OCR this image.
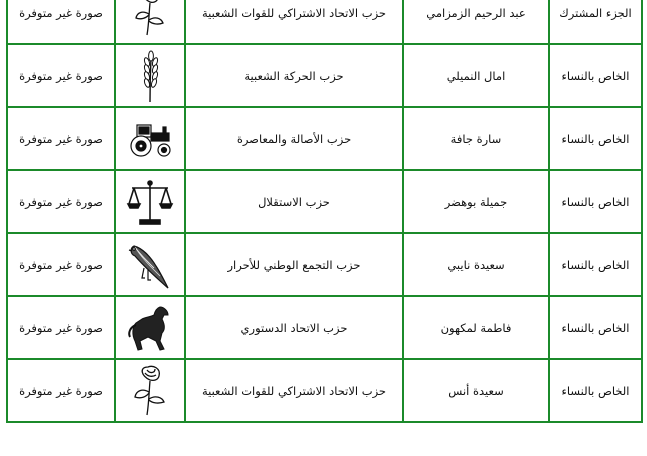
الجزء المشترك	عبد الرحيم الزمزامي	حزب الاتحاد الاشتراكي للقوات الشعبية		صورة غير متوفرة
الخاص بالنساء	امال النميلي	حزب الحركة الشعبية		صورة غير متوفرة
الخاص بالنساء	سارة جافة	حزب الأصالة والمعاصرة		صورة غير متوفرة
الخاص بالنساء	جميلة بوهضر	حزب الاستقلال		صورة غير متوفرة
الخاص بالنساء	سعيدة نايبي	حزب التجمع الوطني للأحرار		صورة غير متوفرة
الخاص بالنساء	فاطمة لمكهون	حزب الاتحاد الدستوري		صورة غير متوفرة
الخاص بالنساء	سعيدة أنس	حزب الاتحاد الاشتراكي للقوات الشعبية		صورة غير متوفرة
